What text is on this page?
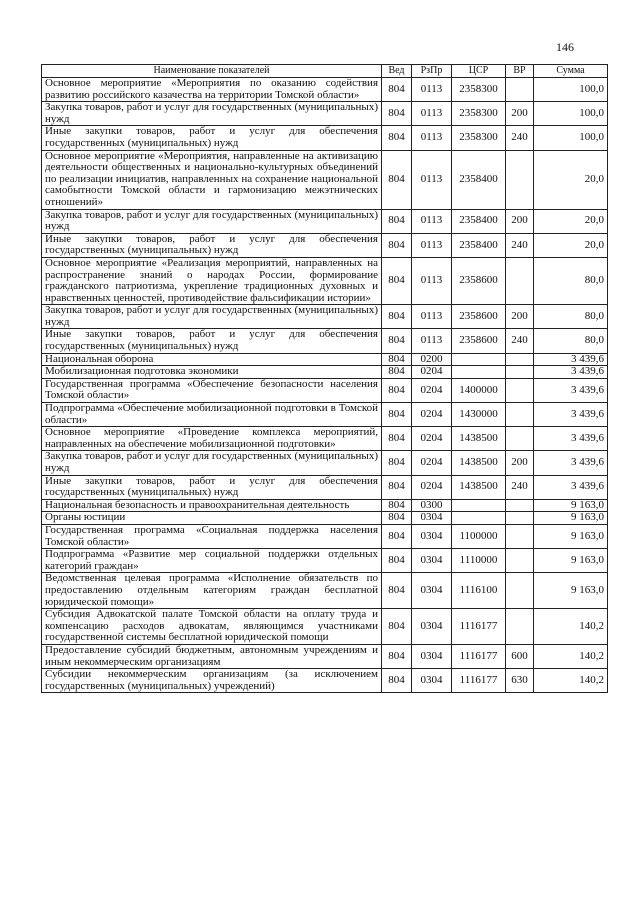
146
Наименование показателей	Вед	РзПр	ЦСР	ВР	Сумма
Основное мероприятие «Мероприятия по оказанию содействия развитию российского казачества на территории Томской области»	804	0113	2358300		100,0
Закупка товаров, работ и услуг для государственных (муниципальных) нужд	804	0113	2358300	200	100,0
Иные закупки товаров, работ и услуг для обеспечения государственных (муниципальных) нужд	804	0113	2358300	240	100,0
Основное мероприятие «Мероприятия, направленные на активизацию деятельности общественных и национально-культурных объединений по реализации инициатив, направленных на сохранение национальной самобытности Томской области и гармонизацию межэтнических отношений»	804	0113	2358400		20,0
Закупка товаров, работ и услуг для государственных (муниципальных) нужд	804	0113	2358400	200	20,0
Иные закупки товаров, работ и услуг для обеспечения государственных (муниципальных) нужд	804	0113	2358400	240	20,0
Основное мероприятие «Реализация мероприятий, направленных на распространение знаний о народах России, формирование гражданского патриотизма, укрепление традиционных духовных и нравственных ценностей, противодействие фальсификации истории»	804	0113	2358600		80,0
Закупка товаров, работ и услуг для государственных (муниципальных) нужд	804	0113	2358600	200	80,0
Иные закупки товаров, работ и услуг для обеспечения государственных (муниципальных) нужд	804	0113	2358600	240	80,0
Национальная оборона	804	0200			3 439,6
Мобилизационная подготовка экономики	804	0204			3 439,6
Государственная программа «Обеспечение безопасности населения Томской области»	804	0204	1400000		3 439,6
Подпрограмма «Обеспечение мобилизационной подготовки в Томской области»	804	0204	1430000		3 439,6
Основное мероприятие «Проведение комплекса мероприятий, направленных на обеспечение мобилизационной подготовки»	804	0204	1438500		3 439,6
Закупка товаров, работ и услуг для государственных (муниципальных) нужд	804	0204	1438500	200	3 439,6
Иные закупки товаров, работ и услуг для обеспечения государственных (муниципальных) нужд	804	0204	1438500	240	3 439,6
Национальная безопасность и правоохранительная деятельность	804	0300			9 163,0
Органы юстиции	804	0304			9 163,0
Государственная программа «Социальная поддержка населения Томской области»	804	0304	1100000		9 163,0
Подпрограмма «Развитие мер социальной поддержки отдельных категорий граждан»	804	0304	1110000		9 163,0
Ведомственная целевая программа «Исполнение обязательств по предоставлению отдельным категориям граждан бесплатной юридической помощи»	804	0304	1116100		9 163,0
Субсидия Адвокатской палате Томской области на оплату труда и компенсацию расходов адвокатам, являющимся участниками государственной системы бесплатной юридической помощи	804	0304	1116177		140,2
Предоставление субсидий бюджетным, автономным учреждениям и иным некоммерческим организациям	804	0304	1116177	600	140,2
Субсидии некоммерческим организациям (за исключением государственных (муниципальных) учреждений)	804	0304	1116177	630	140,2
